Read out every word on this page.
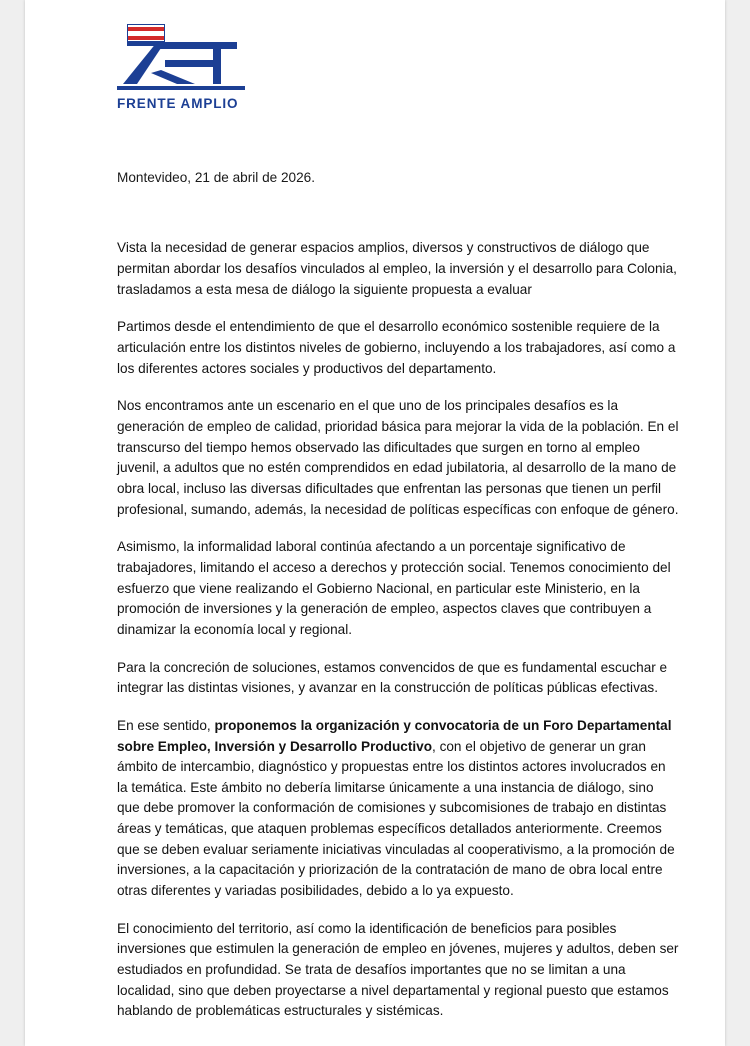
FRENTE AMPLIO
Montevideo, 21 de abril de 2026.

Vista la necesidad de generar espacios amplios, diversos y constructivos de diálogo que permitan abordar los desafíos vinculados al empleo, la inversión y el desarrollo para Colonia, trasladamos a esta mesa de diálogo la siguiente propuesta a evaluar

Partimos desde el entendimiento de que el desarrollo económico sostenible requiere de la articulación entre los distintos niveles de gobierno, incluyendo a los trabajadores, así como a los diferentes actores sociales y productivos del departamento.

Nos encontramos ante un escenario en el que uno de los principales desafíos es la generación de empleo de calidad, prioridad básica para mejorar la vida de la población. En el transcurso del tiempo hemos observado las dificultades que surgen en torno al empleo juvenil, a adultos que no estén comprendidos en edad jubilatoria, al desarrollo de la mano de obra local, incluso las diversas dificultades que enfrentan las personas que tienen un perfil profesional, sumando, además, la necesidad de políticas específicas con enfoque de género.

Asimismo, la informalidad laboral continúa afectando a un porcentaje significativo de trabajadores, limitando el acceso a derechos y protección social. Tenemos conocimiento del esfuerzo que viene realizando el Gobierno Nacional, en particular este Ministerio, en la promoción de inversiones y la generación de empleo, aspectos claves que contribuyen a dinamizar la economía local y regional.

Para la concreción de soluciones, estamos convencidos de que es fundamental escuchar e integrar las distintas visiones, y avanzar en la construcción de políticas públicas efectivas.

En ese sentido, proponemos la organización y convocatoria de un Foro Departamental sobre Empleo, Inversión y Desarrollo Productivo, con el objetivo de generar un gran ámbito de intercambio, diagnóstico y propuestas entre los distintos actores involucrados en la temática. Este ámbito no debería limitarse únicamente a una instancia de diálogo, sino que debe promover la conformación de comisiones y subcomisiones de trabajo en distintas áreas y temáticas, que ataquen problemas específicos detallados anteriormente. Creemos que se deben evaluar seriamente iniciativas vinculadas al cooperativismo, a la promoción de inversiones, a la capacitación y priorización de la contratación de mano de obra local entre otras diferentes y variadas posibilidades, debido a lo ya expuesto.

El conocimiento del territorio, así como la identificación de beneficios para posibles inversiones que estimulen la generación de empleo en jóvenes, mujeres y adultos, deben ser estudiados en profundidad. Se trata de desafíos importantes que no se limitan a una localidad, sino que deben proyectarse a nivel departamental y regional puesto que estamos hablando de problemáticas estructurales y sistémicas.
